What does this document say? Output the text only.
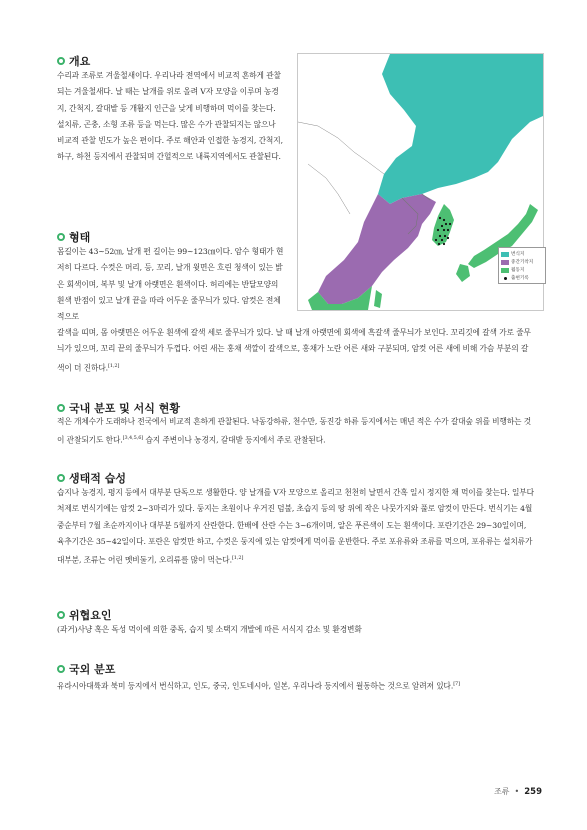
개요
수리과 조류로 겨울철새이다. 우리나라 전역에서 비교적 흔하게 관찰되는 겨울철새다. 날 때는 날개를 위로 올려 V자 모양을 이루며 농경지, 간척지, 갈대밭 등 개활지 인근을 낮게 비행하며 먹이를 찾는다. 설치류, 곤충, 소형 조류 등을 먹는다. 많은 수가 관찰되지는 않으나 비교적 관찰 빈도가 높은 편이다. 주로 해안과 인접한 농경지, 간척지, 하구, 하천 등지에서 관찰되며 간헐적으로 내륙지역에서도 관찰된다.
형태
몸길이는 43~52㎝, 날개 편 길이는 99~123㎝이다. 암수 형태가 현저히 다르다. 수컷은 머리, 등, 꼬리, 날개 윗면은 흐린 청색이 있는 밝은 회색이며, 복부 및 날개 아랫면은 흰색이다. 허리에는 반달모양의 흰색 반점이 있고 날개 끝을 따라 어두운 줄무늬가 있다. 암컷은 전체적으로
갈색을 띠며, 몸 아랫면은 어두운 흰색에 갈색 세로 줄무늬가 있다. 날 때 날개 아랫면에 회색에 흑갈색 줄무늬가 보인다. 꼬리깃에 갈색 가로 줄무늬가 있으며, 꼬리 끝의 줄무늬가 두껍다. 어린 새는 홍채 색깔이 갈색으로, 홍채가 노란 어른 새와 구분되며, 암컷 어른 새에 비해 가슴 부분의 갈색이 더 진하다.[1,2]
국내 분포 및 서식 현황
적은 개체수가 도래하나 전국에서 비교적 흔하게 관찰된다. 낙동강하류, 천수만, 동진강 하류 등지에서는 매년 적은 수가 갈대숲 위를 비행하는 것이 관찰되기도 한다.[3,4,5,6] 습지 주변이나 농경지, 갈대밭 등지에서 주로 관찰된다.
생태적 습성
습지나 농경지, 평지 등에서 대부분 단독으로 생활한다. 양 날개를 V자 모양으로 올리고 천천히 날면서 간혹 일시 정지한 채 먹이를 찾는다. 일부다처제로 번식기에는 암컷 2~3마리가 있다. 둥지는 초원이나 우거진 덤불, 초습지 등의 땅 위에 작은 나뭇가지와 풀로 암컷이 만든다. 번식기는 4월 중순부터 7월 초순까지이나 대부분 5월까지 산란한다. 한배에 산란 수는 3~6개이며, 알은 푸른색이 도는 흰색이다. 포란기간은 29~30일이며, 육추기간은 35~42일이다. 포란은 암컷만 하고, 수컷은 둥지에 있는 암컷에게 먹이를 운반한다. 주로 포유류와 조류를 먹으며, 포유류는 설치류가 대부분, 조류는 어린 멧비둘기, 오리류를 많이 먹는다.[1,2]
위협요인
(과거)사냥 혹은 독성 먹이에 의한 중독, 습지 및 소택지 개발에 따른 서식지 감소 및 환경변화
국외 분포
유라시아대륙과 북미 등지에서 번식하고, 인도, 중국, 인도네시아, 일본, 우리나라 등지에서 월동하는 것으로 알려져 있다.[7]
번식지
중간기착지
월동지
출현기록
조류 • 259
